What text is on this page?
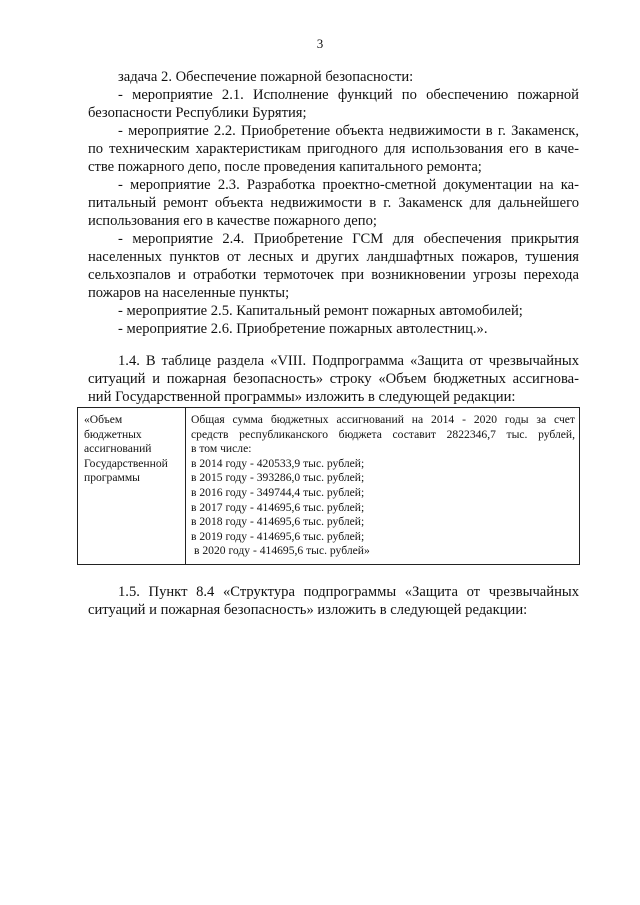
3
задача 2. Обеспечение пожарной безопасности:
- мероприятие 2.1. Исполнение функций по обеспечению пожарной
безопасности Республики Бурятия;
- мероприятие 2.2. Приобретение объекта недвижимости в г. Закаменск,
по техническим характеристикам пригодного для использования его в каче-
стве пожарного депо, после проведения капитального ремонта;
- мероприятие 2.3. Разработка проектно-сметной документации на ка-
питальный ремонт объекта недвижимости в г. Закаменск для дальнейшего
использования его в качестве пожарного депо;
- мероприятие 2.4. Приобретение ГСМ для обеспечения прикрытия
населенных пунктов от лесных и других ландшафтных пожаров, тушения
сельхозпалов и отработки термоточек при возникновении угрозы перехода
пожаров на населенные пункты;
- мероприятие 2.5. Капитальный ремонт пожарных автомобилей;
- мероприятие 2.6. Приобретение пожарных автолестниц.».
1.4. В таблице раздела «VIII. Подпрограмма «Защита от чрезвычайных
ситуаций и пожарная безопасность» строку «Объем бюджетных ассигнова-
ний Государственной программы» изложить в следующей редакции:
«Объем
бюджетных
ассигнований
Государственной
программы
Общая сумма бюджетных ассигнований на 2014 - 2020 годы за счет
средств республиканского бюджета составит 2822346,7 тыс. рублей,
в том числе:
в 2014 году - 420533,9 тыс. рублей;
в 2015 году - 393286,0 тыс. рублей;
в 2016 году - 349744,4 тыс. рублей;
в 2017 году - 414695,6 тыс. рублей;
в 2018 году - 414695,6 тыс. рублей;
в 2019 году - 414695,6 тыс. рублей;
в 2020 году - 414695,6 тыс. рублей»
1.5. Пункт 8.4 «Структура подпрограммы «Защита от чрезвычайных
ситуаций и пожарная безопасность» изложить в следующей редакции:
